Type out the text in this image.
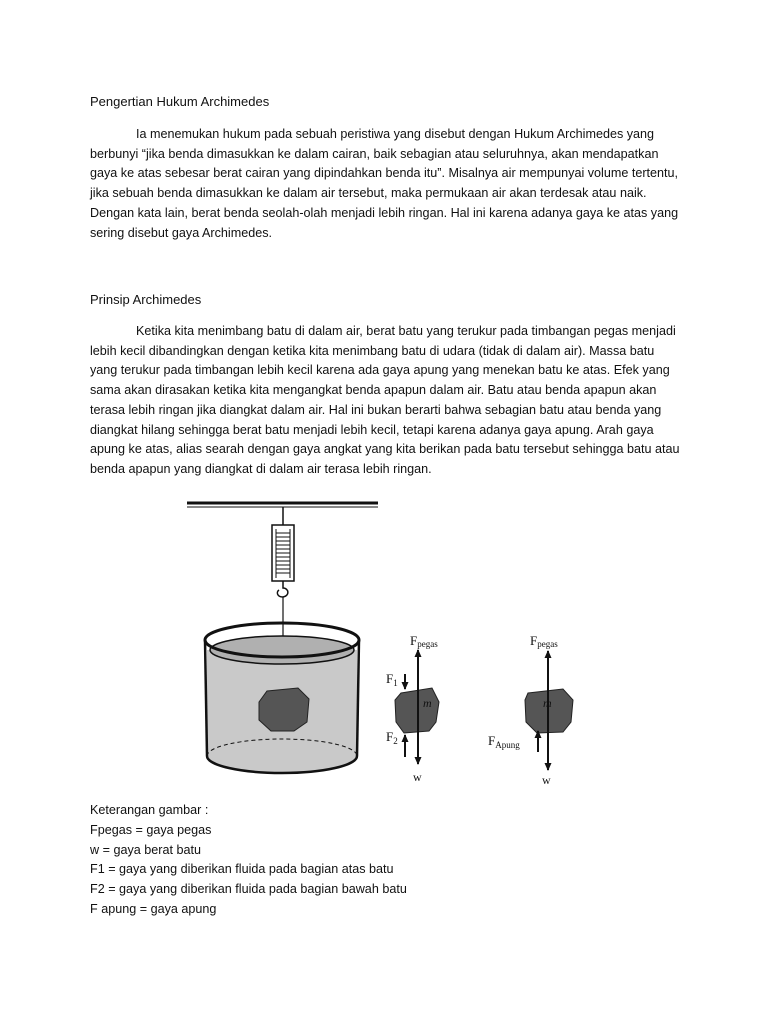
Pengertian Hukum Archimedes

Ia menemukan hukum pada sebuah peristiwa yang disebut dengan Hukum Archimedes yang berbunyi “jika benda dimasukkan ke dalam cairan, baik sebagian atau seluruhnya, akan mendapatkan gaya ke atas sebesar berat cairan yang dipindahkan benda itu”. Misalnya air mempunyai volume tertentu, jika sebuah benda dimasukkan ke dalam air tersebut, maka permukaan air akan terdesak atau naik. Dengan kata lain, berat benda seolah-olah menjadi lebih ringan. Hal ini karena adanya gaya ke atas yang sering disebut gaya Archimedes.

Prinsip Archimedes

Ketika kita menimbang batu di dalam air, berat batu yang terukur pada timbangan pegas menjadi lebih kecil dibandingkan dengan ketika kita menimbang batu di udara (tidak di dalam air). Massa batu yang terukur pada timbangan lebih kecil karena ada gaya apung yang menekan batu ke atas. Efek yang sama akan dirasakan ketika kita mengangkat benda apapun dalam air. Batu atau benda apapun akan terasa lebih ringan jika diangkat dalam air. Hal ini bukan berarti bahwa sebagian batu atau benda yang diangkat hilang sehingga berat batu menjadi lebih kecil, tetapi karena adanya gaya apung. Arah gaya apung ke atas, alias searah dengan gaya angkat yang kita berikan pada batu tersebut sehingga batu atau benda apapun yang diangkat di dalam air terasa lebih ringan.

Fpegas
$F_1$
$F_2$
m
w
Fpegas
$F_{Apung}$
m
w
Keterangan gambar :
Fpegas = gaya pegas
w = gaya berat batu
F1 = gaya yang diberikan fluida pada bagian atas batu
F2 = gaya yang diberikan fluida pada bagian bawah batu
F apung = gaya apung
